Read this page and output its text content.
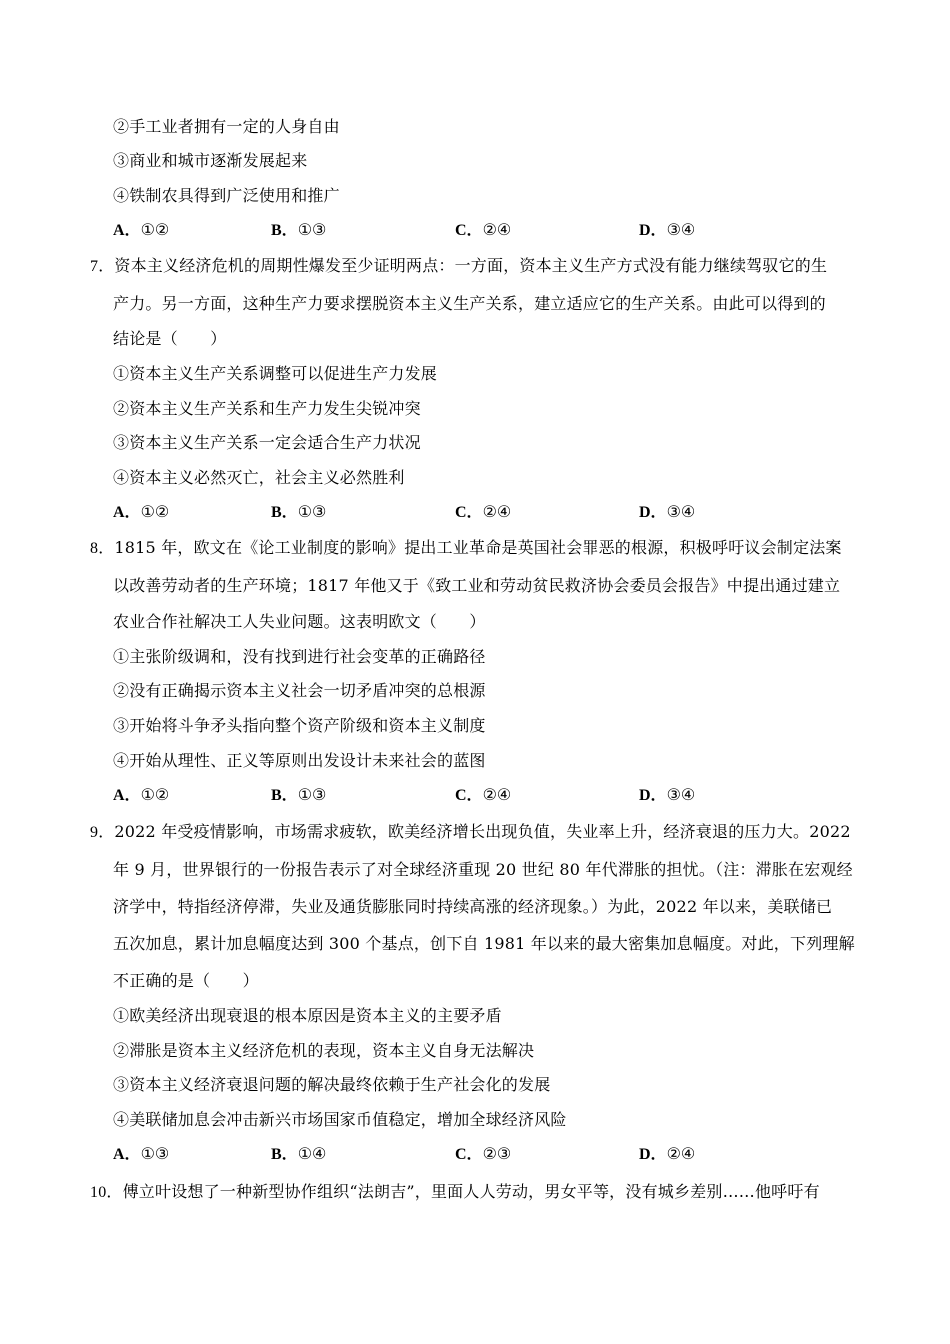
②手工业者拥有一定的人身自由
③商业和城市逐渐发展起来
④铁制农具得到广泛使用和推广
A．①②	B．①③	C．②④	D．③④
7．资本主义经济危机的周期性爆发至少证明两点：一方面，资本主义生产方式没有能力继续驾驭它的生
产力。另一方面，这种生产力要求摆脱资本主义生产关系，建立适应它的生产关系。由此可以得到的
结论是（　　）
①资本主义生产关系调整可以促进生产力发展
②资本主义生产关系和生产力发生尖锐冲突
③资本主义生产关系一定会适合生产力状况
④资本主义必然灭亡，社会主义必然胜利
A．①②	B．①③	C．②④	D．③④
8．1815 年，欧文在《论工业制度的影响》提出工业革命是英国社会罪恶的根源，积极呼吁议会制定法案
以改善劳动者的生产环境；1817 年他又于《致工业和劳动贫民救济协会委员会报告》中提出通过建立
农业合作社解决工人失业问题。这表明欧文（　　）
①主张阶级调和，没有找到进行社会变革的正确路径
②没有正确揭示资本主义社会一切矛盾冲突的总根源
③开始将斗争矛头指向整个资产阶级和资本主义制度
④开始从理性、正义等原则出发设计未来社会的蓝图
A．①②	B．①③	C．②④	D．③④
9．2022 年受疫情影响，市场需求疲软，欧美经济增长出现负值，失业率上升，经济衰退的压力大。2022
年 9 月，世界银行的一份报告表示了对全球经济重现 20 世纪 80 年代滞胀的担忧。（注：滞胀在宏观经
济学中，特指经济停滞，失业及通货膨胀同时持续高涨的经济现象。）为此，2022 年以来，美联储已
五次加息，累计加息幅度达到 300 个基点，创下自 1981 年以来的最大密集加息幅度。对此，下列理解
不正确的是（　　）
①欧美经济出现衰退的根本原因是资本主义的主要矛盾
②滞胀是资本主义经济危机的表现，资本主义自身无法解决
③资本主义经济衰退问题的解决最终依赖于生产社会化的发展
④美联储加息会冲击新兴市场国家币值稳定，增加全球经济风险
A．①③	B．①④	C．②③	D．②④
10．傅立叶设想了一种新型协作组织“法朗吉”，里面人人劳动，男女平等，没有城乡差别……他呼吁有
